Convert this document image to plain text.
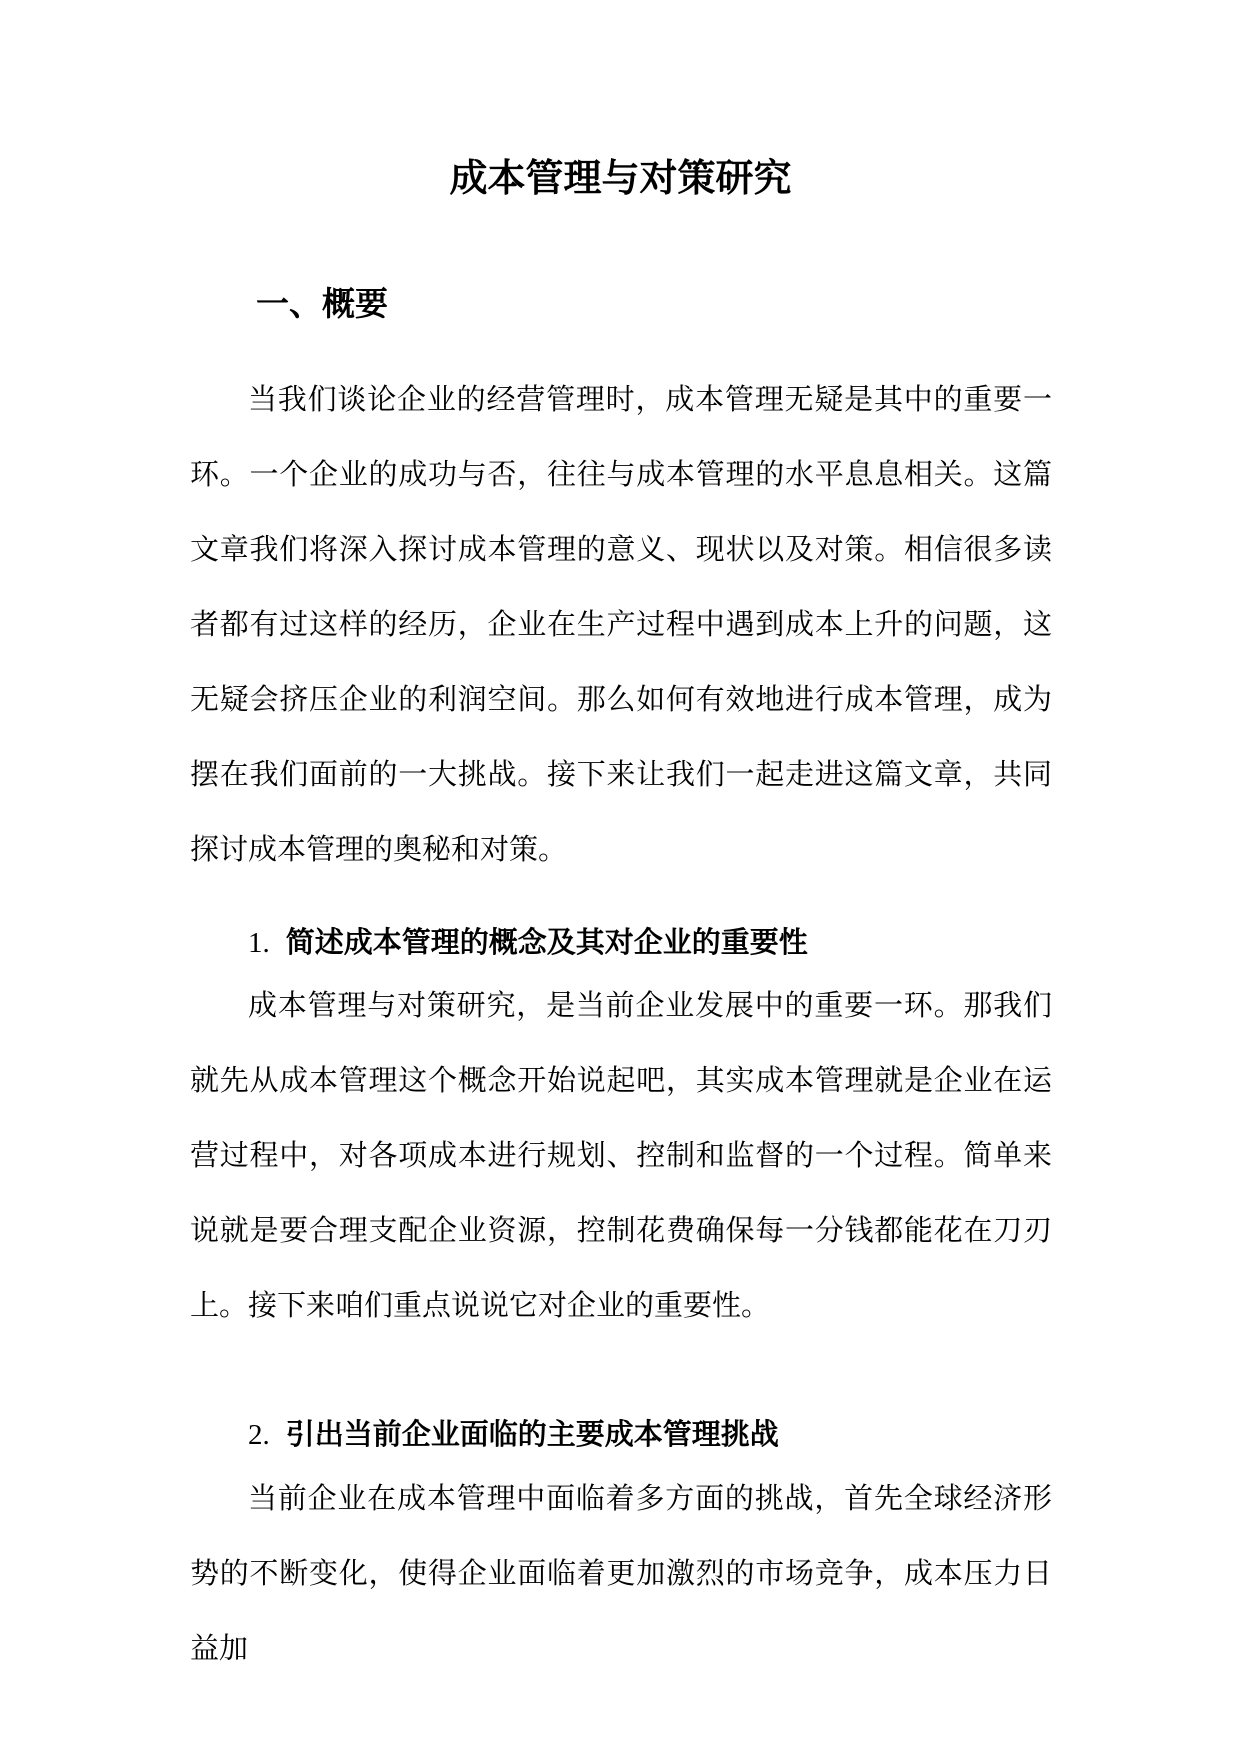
成本管理与对策研究
一、概要

当我们谈论企业的经营管理时，成本管理无疑是其中的重要一环。一个企业的成功与否，往往与成本管理的水平息息相关。这篇文章我们将深入探讨成本管理的意义、现状以及对策。相信很多读者都有过这样的经历，企业在生产过程中遇到成本上升的问题，这无疑会挤压企业的利润空间。那么如何有效地进行成本管理，成为摆在我们面前的一大挑战。接下来让我们一起走进这篇文章，共同探讨成本管理的奥秘和对策。

1. 简述成本管理的概念及其对企业的重要性

成本管理与对策研究，是当前企业发展中的重要一环。那我们就先从成本管理这个概念开始说起吧，其实成本管理就是企业在运营过程中，对各项成本进行规划、控制和监督的一个过程。简单来说就是要合理支配企业资源，控制花费确保每一分钱都能花在刀刃上。接下来咱们重点说说它对企业的重要性。

2. 引出当前企业面临的主要成本管理挑战

当前企业在成本管理中面临着多方面的挑战，首先全球经济形势的不断变化，使得企业面临着更加激烈的市场竞争，成本压力日益加
